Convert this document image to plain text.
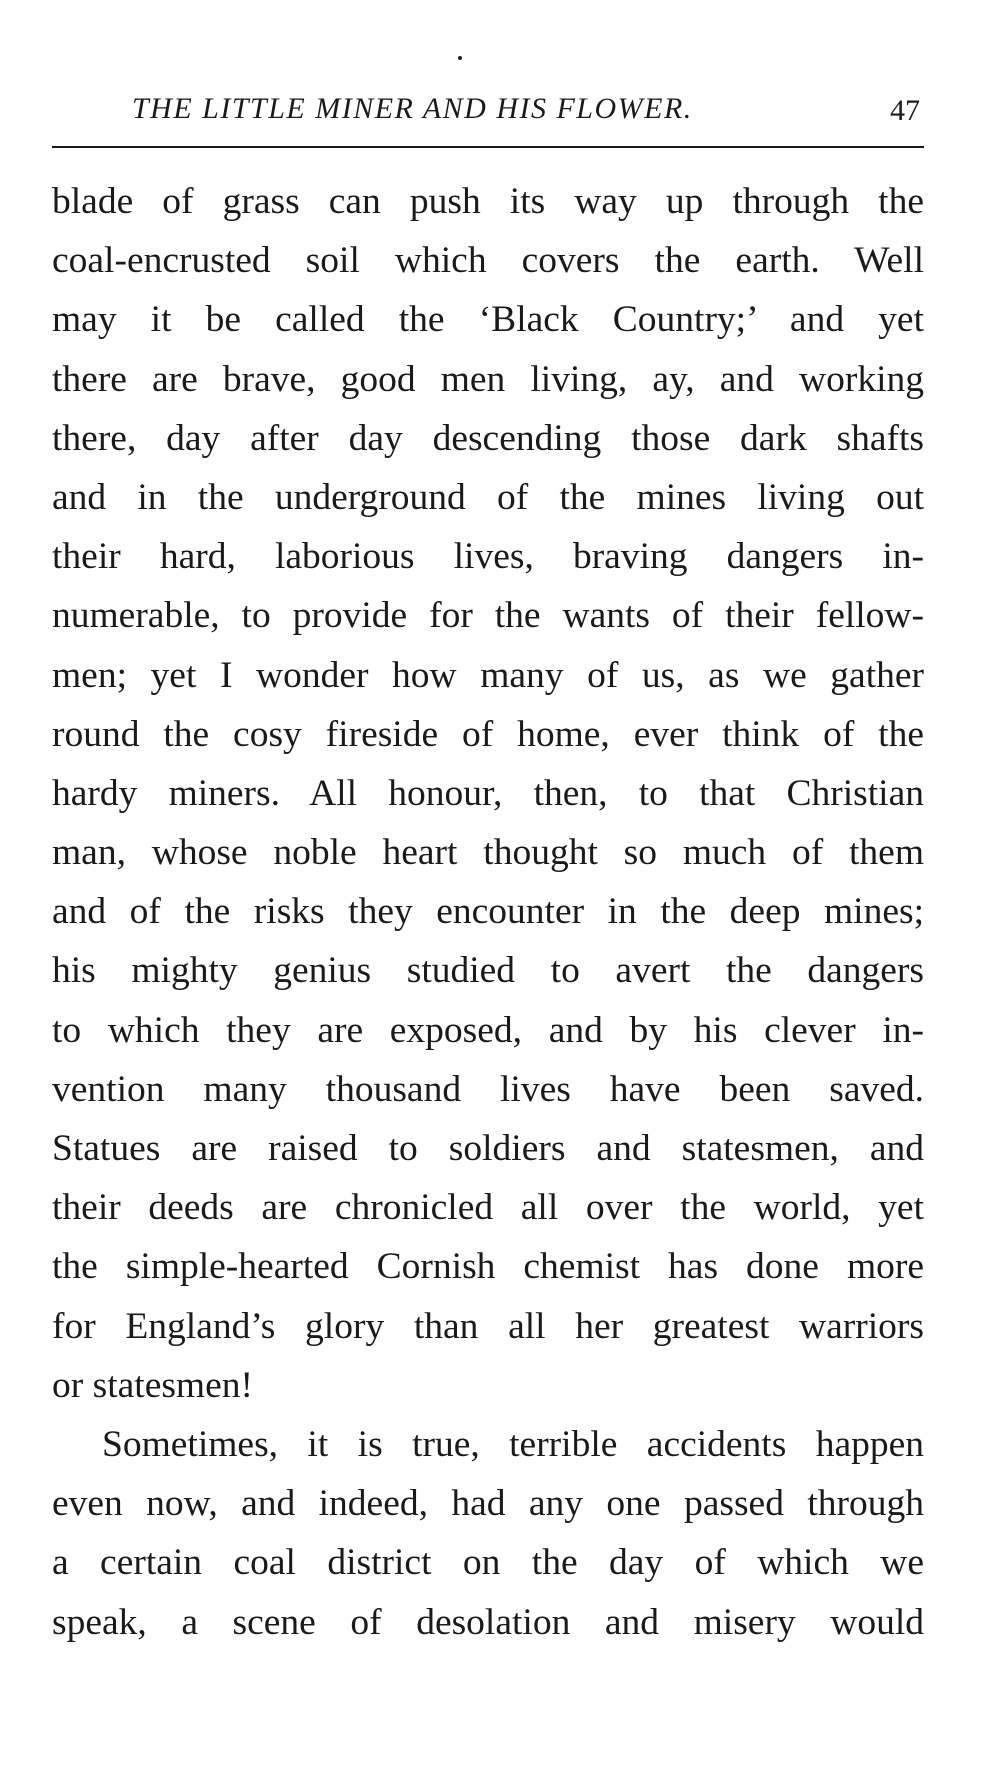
THE LITTLE MINER AND HIS FLOWER.	47
blade of grass can push its way up through the
coal-encrusted soil which covers the earth. Well
may it be called the ‘Black Country;’ and yet
there are brave, good men living, ay, and working
there, day after day descending those dark shafts
and in the underground of the mines living out
their hard, laborious lives, braving dangers in-
numerable, to provide for the wants of their fellow-
men; yet I wonder how many of us, as we gather
round the cosy fireside of home, ever think of the
hardy miners. All honour, then, to that Christian
man, whose noble heart thought so much of them
and of the risks they encounter in the deep mines;
his mighty genius studied to avert the dangers
to which they are exposed, and by his clever in-
vention many thousand lives have been saved.
Statues are raised to soldiers and statesmen, and
their deeds are chronicled all over the world, yet
the simple-hearted Cornish chemist has done more
for England’s glory than all her greatest warriors
or statesmen!
Sometimes, it is true, terrible accidents happen
even now, and indeed, had any one passed through
a certain coal district on the day of which we
speak, a scene of desolation and misery would
